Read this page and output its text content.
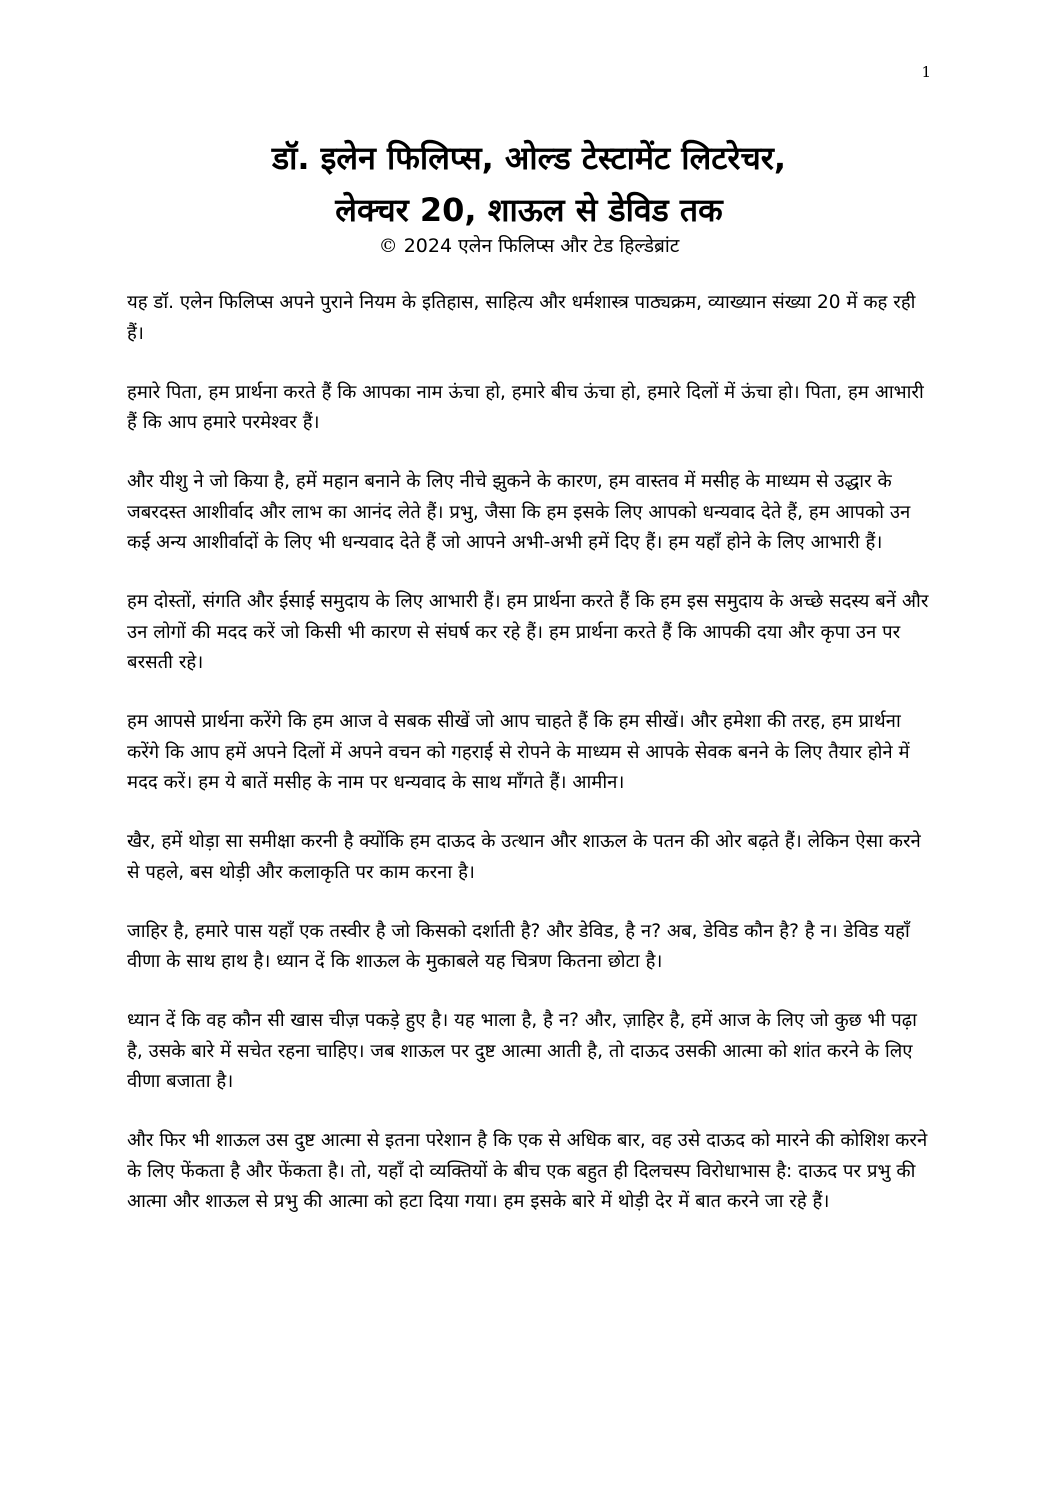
1
डॉ. इलेन फिलिप्स, ओल्ड टेस्टामेंट लिटरेचर,
लेक्चर 20, शाऊल से डेविड तक
© 2024 एलेन फिलिप्स और टेड हिल्डेब्रांट

यह डॉ. एलेन फिलिप्स अपने पुराने नियम के इतिहास, साहित्य और धर्मशास्त्र पाठ्यक्रम, व्याख्यान संख्या 20 में कह रही हैं।

हमारे पिता, हम प्रार्थना करते हैं कि आपका नाम ऊंचा हो, हमारे बीच ऊंचा हो, हमारे दिलों में ऊंचा हो। पिता, हम आभारी हैं कि आप हमारे परमेश्वर हैं।

और यीशु ने जो किया है, हमें महान बनाने के लिए नीचे झुकने के कारण, हम वास्तव में मसीह के माध्यम से उद्धार के जबरदस्त आशीर्वाद और लाभ का आनंद लेते हैं। प्रभु, जैसा कि हम इसके लिए आपको धन्यवाद देते हैं, हम आपको उन कई अन्य आशीर्वादों के लिए भी धन्यवाद देते हैं जो आपने अभी-अभी हमें दिए हैं। हम यहाँ होने के लिए आभारी हैं।

हम दोस्तों, संगति और ईसाई समुदाय के लिए आभारी हैं। हम प्रार्थना करते हैं कि हम इस समुदाय के अच्छे सदस्य बनें और उन लोगों की मदद करें जो किसी भी कारण से संघर्ष कर रहे हैं। हम प्रार्थना करते हैं कि आपकी दया और कृपा उन पर बरसती रहे।

हम आपसे प्रार्थना करेंगे कि हम आज वे सबक सीखें जो आप चाहते हैं कि हम सीखें। और हमेशा की तरह, हम प्रार्थना करेंगे कि आप हमें अपने दिलों में अपने वचन को गहराई से रोपने के माध्यम से आपके सेवक बनने के लिए तैयार होने में मदद करें। हम ये बातें मसीह के नाम पर धन्यवाद के साथ माँगते हैं। आमीन।

खैर, हमें थोड़ा सा समीक्षा करनी है क्योंकि हम दाऊद के उत्थान और शाऊल के पतन की ओर बढ़ते हैं। लेकिन ऐसा करने से पहले, बस थोड़ी और कलाकृति पर काम करना है।

जाहिर है, हमारे पास यहाँ एक तस्वीर है जो किसको दर्शाती है? और डेविड, है न? अब, डेविड कौन है? है न। डेविड यहाँ वीणा के साथ हाथ है। ध्यान दें कि शाऊल के मुकाबले यह चित्रण कितना छोटा है।

ध्यान दें कि वह कौन सी खास चीज़ पकड़े हुए है। यह भाला है, है न? और, ज़ाहिर है, हमें आज के लिए जो कुछ भी पढ़ा है, उसके बारे में सचेत रहना चाहिए। जब शाऊल पर दुष्ट आत्मा आती है, तो दाऊद उसकी आत्मा को शांत करने के लिए वीणा बजाता है।

और फिर भी शाऊल उस दुष्ट आत्मा से इतना परेशान है कि एक से अधिक बार, वह उसे दाऊद को मारने की कोशिश करने के लिए फेंकता है और फेंकता है। तो, यहाँ दो व्यक्तियों के बीच एक बहुत ही दिलचस्प विरोधाभास है: दाऊद पर प्रभु की आत्मा और शाऊल से प्रभु की आत्मा को हटा दिया गया। हम इसके बारे में थोड़ी देर में बात करने जा रहे हैं।
